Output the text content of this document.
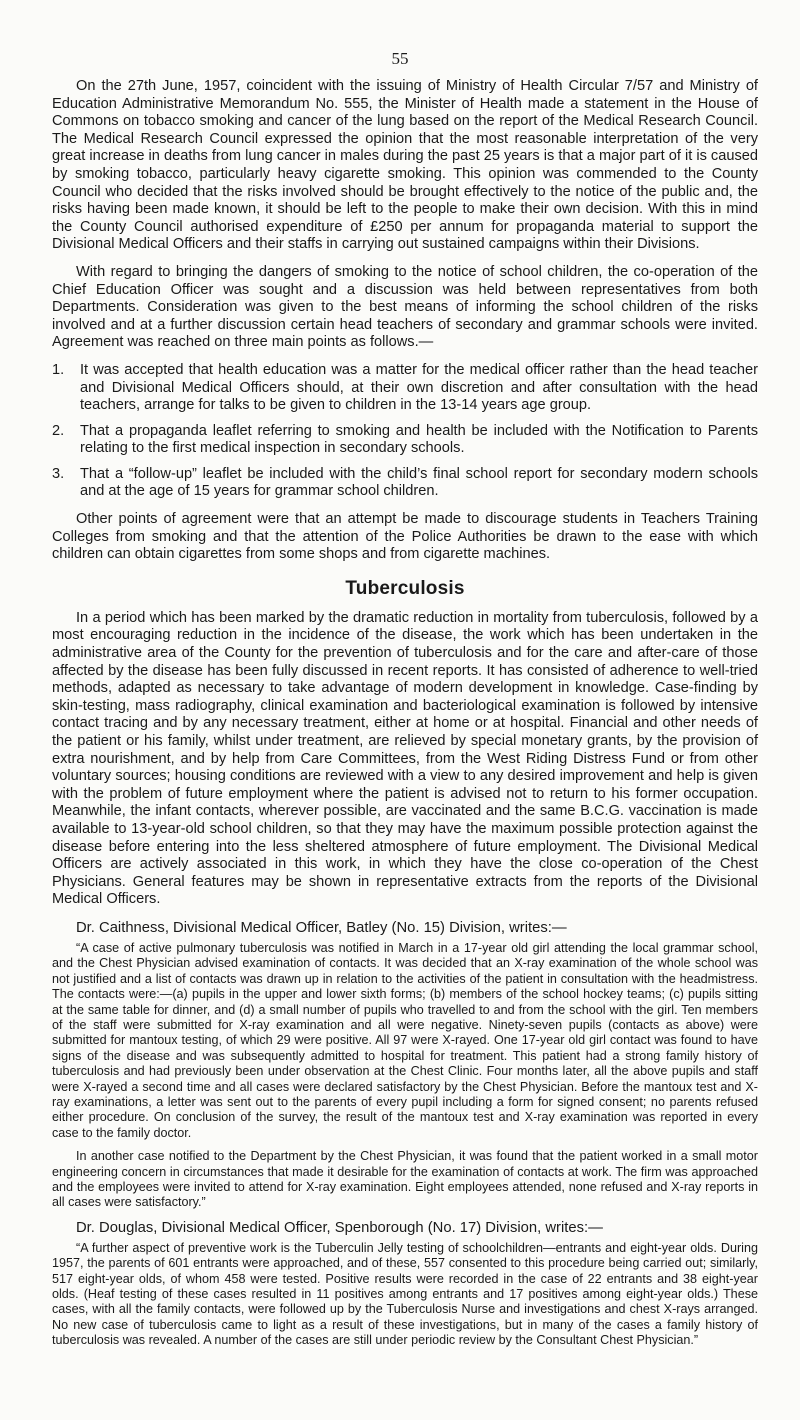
55

On the 27th June, 1957, coincident with the issuing of Ministry of Health Circular 7/57 and Ministry of Education Administrative Memorandum No. 555, the Minister of Health made a statement in the House of Commons on tobacco smoking and cancer of the lung based on the report of the Medical Research Council. The Medical Research Council expressed the opinion that the most reasonable interpretation of the very great increase in deaths from lung cancer in males during the past 25 years is that a major part of it is caused by smoking tobacco, particularly heavy cigarette smoking. This opinion was commended to the County Council who decided that the risks involved should be brought effectively to the notice of the public and, the risks having been made known, it should be left to the people to make their own decision. With this in mind the County Council authorised expenditure of £250 per annum for propaganda material to support the Divisional Medical Officers and their staffs in carrying out sustained campaigns within their Divisions.

With regard to bringing the dangers of smoking to the notice of school children, the co-operation of the Chief Education Officer was sought and a discussion was held between representatives from both Departments. Consideration was given to the best means of informing the school children of the risks involved and at a further discussion certain head teachers of secondary and grammar schools were invited. Agreement was reached on three main points as follows.—

1.	It was accepted that health education was a matter for the medical officer rather than the head teacher and Divisional Medical Officers should, at their own discretion and after consultation with the head teachers, arrange for talks to be given to children in the 13-14 years age group.
2.	That a propaganda leaflet referring to smoking and health be included with the Notification to Parents relating to the first medical inspection in secondary schools.
3.	That a “follow-up” leaflet be included with the child’s final school report for secondary modern schools and at the age of 15 years for grammar school children.

Other points of agreement were that an attempt be made to discourage students in Teachers Training Colleges from smoking and that the attention of the Police Authorities be drawn to the ease with which children can obtain cigarettes from some shops and from cigarette machines.

Tuberculosis

In a period which has been marked by the dramatic reduction in mortality from tuberculosis, followed by a most encouraging reduction in the incidence of the disease, the work which has been undertaken in the administrative area of the County for the prevention of tuberculosis and for the care and after-care of those affected by the disease has been fully discussed in recent reports. It has consisted of adherence to well-tried methods, adapted as necessary to take advantage of modern development in knowledge. Case-finding by skin-testing, mass radiography, clinical examination and bacteriological examination is followed by intensive contact tracing and by any necessary treatment, either at home or at hospital. Financial and other needs of the patient or his family, whilst under treatment, are relieved by special monetary grants, by the provision of extra nourishment, and by help from Care Committees, from the West Riding Distress Fund or from other voluntary sources; housing conditions are reviewed with a view to any desired improvement and help is given with the problem of future employment where the patient is advised not to return to his former occupation. Meanwhile, the infant contacts, wherever possible, are vaccinated and the same B.C.G. vaccination is made available to 13-year-old school children, so that they may have the maximum possible protection against the disease before entering into the less sheltered atmosphere of future employment. The Divisional Medical Officers are actively associated in this work, in which they have the close co-operation of the Chest Physicians. General features may be shown in representative extracts from the reports of the Divisional Medical Officers.

Dr. Caithness, Divisional Medical Officer, Batley (No. 15) Division, writes:—

“A case of active pulmonary tuberculosis was notified in March in a 17-year old girl attending the local grammar school, and the Chest Physician advised examination of contacts. It was decided that an X-ray examination of the whole school was not justified and a list of contacts was drawn up in relation to the activities of the patient in consultation with the headmistress. The contacts were:—(a) pupils in the upper and lower sixth forms; (b) members of the school hockey teams; (c) pupils sitting at the same table for dinner, and (d) a small number of pupils who travelled to and from the school with the girl. Ten members of the staff were submitted for X-ray examination and all were negative. Ninety-seven pupils (contacts as above) were submitted for mantoux testing, of which 29 were positive. All 97 were X-rayed. One 17-year old girl contact was found to have signs of the disease and was subsequently admitted to hospital for treatment. This patient had a strong family history of tuberculosis and had previously been under observation at the Chest Clinic. Four months later, all the above pupils and staff were X-rayed a second time and all cases were declared satisfactory by the Chest Physician. Before the mantoux test and X-ray examinations, a letter was sent out to the parents of every pupil including a form for signed consent; no parents refused either procedure. On conclusion of the survey, the result of the mantoux test and X-ray examination was reported in every case to the family doctor.

In another case notified to the Department by the Chest Physician, it was found that the patient worked in a small motor engineering concern in circumstances that made it desirable for the examination of contacts at work. The firm was approached and the employees were invited to attend for X-ray examination. Eight employees attended, none refused and X-ray reports in all cases were satisfactory.”

Dr. Douglas, Divisional Medical Officer, Spenborough (No. 17) Division, writes:—

“A further aspect of preventive work is the Tuberculin Jelly testing of schoolchildren—entrants and eight-year olds. During 1957, the parents of 601 entrants were approached, and of these, 557 consented to this procedure being carried out; similarly, 517 eight-year olds, of whom 458 were tested. Positive results were recorded in the case of 22 entrants and 38 eight-year olds. (Heaf testing of these cases resulted in 11 positives among entrants and 17 positives among eight-year olds.) These cases, with all the family contacts, were followed up by the Tuberculosis Nurse and investigations and chest X-rays arranged. No new case of tuberculosis came to light as a result of these investigations, but in many of the cases a family history of tuberculosis was revealed. A number of the cases are still under periodic review by the Consultant Chest Physician.”
